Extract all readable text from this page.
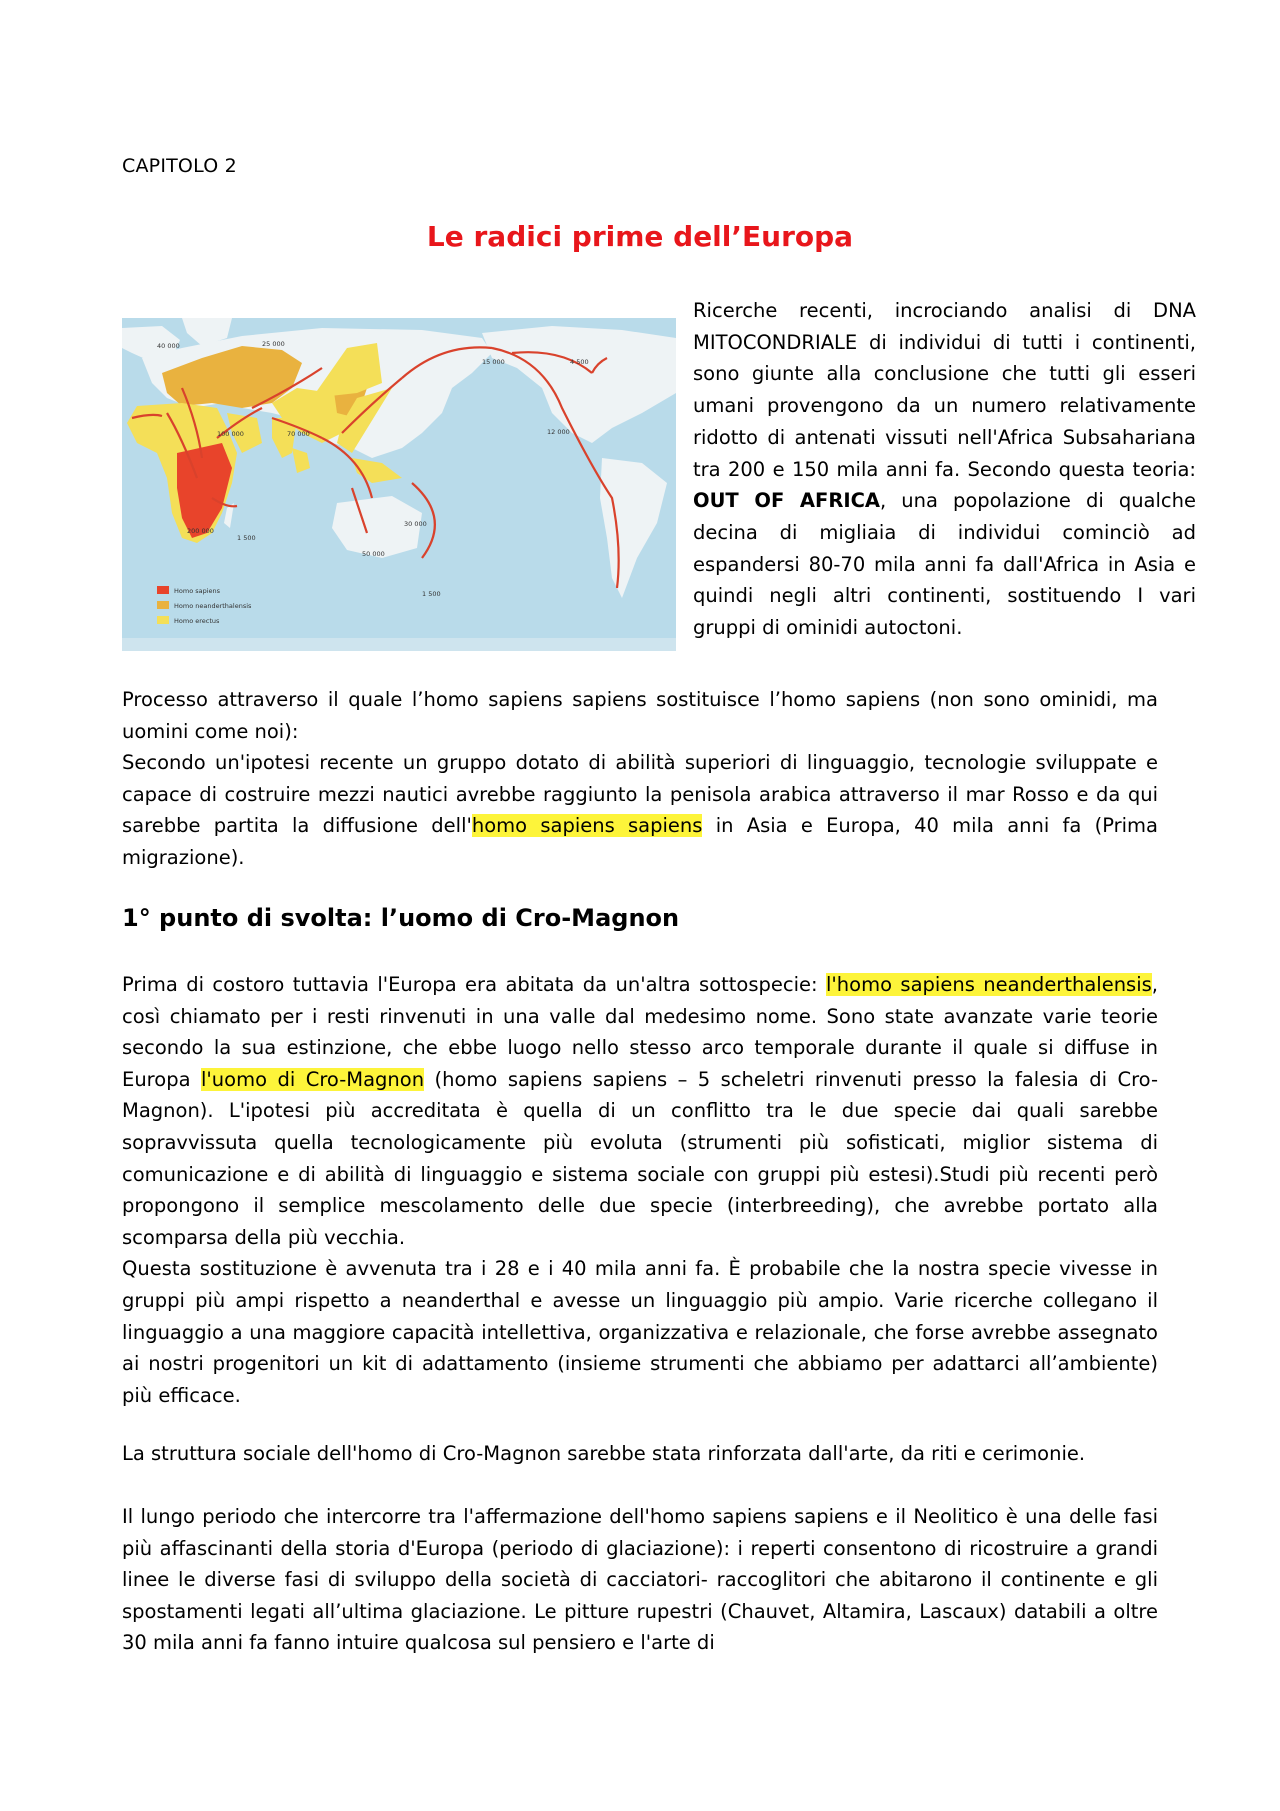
CAPITOLO 2
Le radici prime dell’Europa
40 000	25 000
100 000	70 000
15 000	4 500
12 000
200 000
1 500
30 000
50 000
1 500
Homo sapiens
Homo neanderthalensis
Homo erectus

Ricerche recenti, incrociando analisi di DNA MITOCONDRIALE di individui di tutti i continenti, sono giunte alla conclusione che tutti gli esseri umani provengono da un numero relativamente ridotto di antenati vissuti nell'Africa Subsahariana tra 200 e 150 mila anni fa. Secondo questa teoria: OUT OF AFRICA, una popolazione di qualche decina di migliaia di individui cominciò ad espandersi 80-70 mila anni fa dall'Africa in Asia e quindi negli altri continenti, sostituendo I vari gruppi di ominidi autoctoni.

Processo attraverso il quale l’homo sapiens sapiens sostituisce l’homo sapiens (non sono ominidi, ma uomini come noi):

Secondo un'ipotesi recente un gruppo dotato di abilità superiori di linguaggio, tecnologie sviluppate e capace di costruire mezzi nautici avrebbe raggiunto la penisola arabica attraverso il mar Rosso e da qui sarebbe partita la diffusione dell'homo sapiens sapiens in Asia e Europa, 40 mila anni fa (Prima migrazione).

1° punto di svolta: l’uomo di Cro-Magnon

Prima di costoro tuttavia l'Europa era abitata da un'altra sottospecie: l'homo sapiens neanderthalensis, così chiamato per i resti rinvenuti in una valle dal medesimo nome. Sono state avanzate varie teorie secondo la sua estinzione, che ebbe luogo nello stesso arco temporale durante il quale si diffuse in Europa l'uomo di Cro-Magnon (homo sapiens sapiens – 5 scheletri rinvenuti presso la falesia di Cro-Magnon). L'ipotesi più accreditata è quella di un conflitto tra le due specie dai quali sarebbe sopravvissuta quella tecnologicamente più evoluta (strumenti più sofisticati, miglior sistema di comunicazione e di abilità di linguaggio e sistema sociale con gruppi più estesi).Studi più recenti però propongono il semplice mescolamento delle due specie (interbreeding), che avrebbe portato alla scomparsa della più vecchia.

Questa sostituzione è avvenuta tra i 28 e i 40 mila anni fa. È probabile che la nostra specie vivesse in gruppi più ampi rispetto a neanderthal e avesse un linguaggio più ampio. Varie ricerche collegano il linguaggio a una maggiore capacità intellettiva, organizzativa e relazionale, che forse avrebbe assegnato ai nostri progenitori un kit di adattamento (insieme strumenti che abbiamo per adattarci all’ambiente) più efficace.

La struttura sociale dell'homo di Cro-Magnon sarebbe stata rinforzata dall'arte, da riti e cerimonie.
Il lungo periodo che intercorre tra l'affermazione dell'homo sapiens sapiens e il Neolitico è una delle fasi più affascinanti della storia d'Europa (periodo di glaciazione): i reperti consentono di ricostruire a grandi linee le diverse fasi di sviluppo della società di cacciatori- raccoglitori che abitarono il continente e gli spostamenti legati all’ultima glaciazione. Le pitture rupestri (Chauvet, Altamira, Lascaux) databili a oltre 30 mila anni fa fanno intuire qualcosa sul pensiero e l'arte di
